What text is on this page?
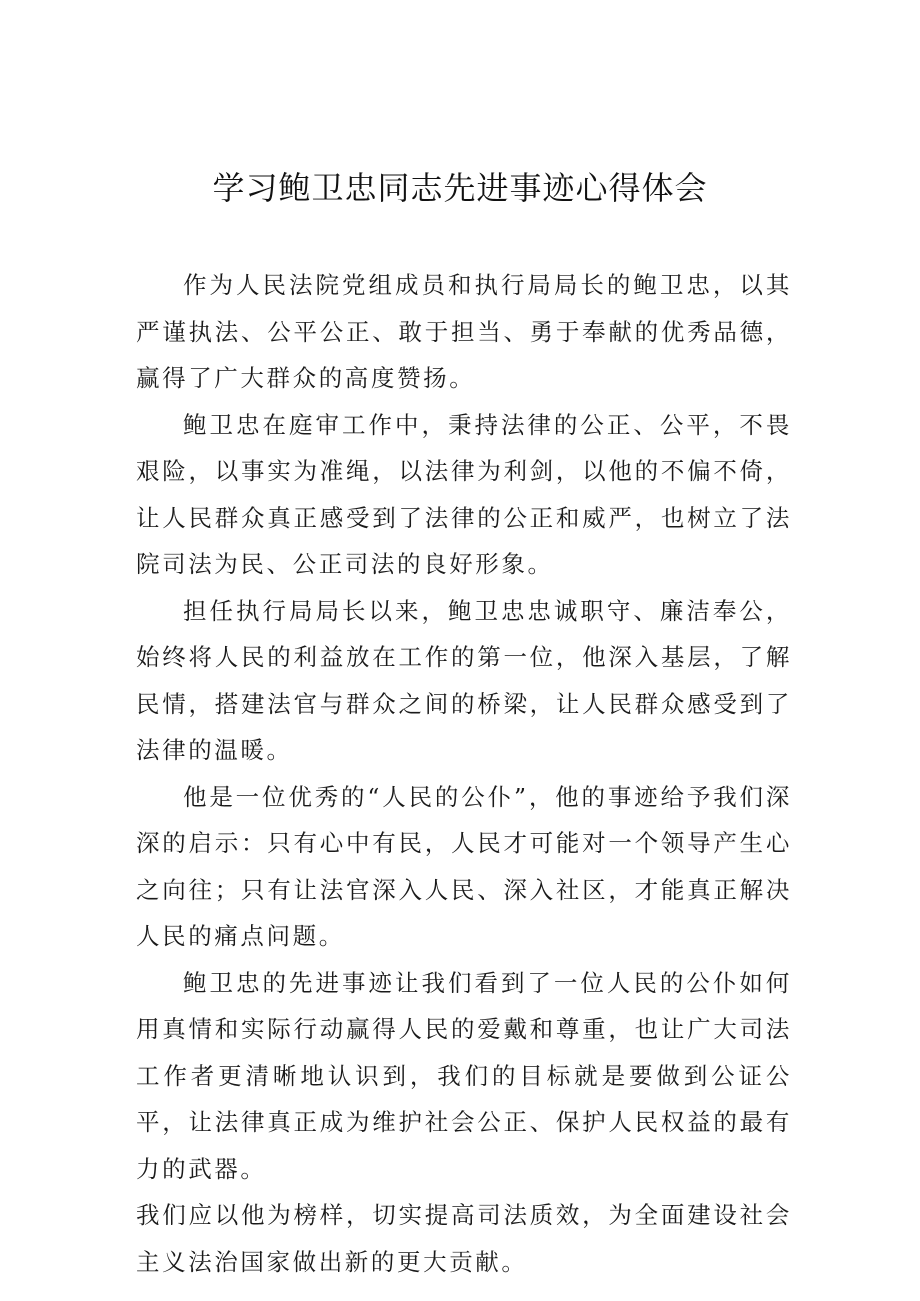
学习鲍卫忠同志先进事迹心得体会

作为人民法院党组成员和执行局局长的鲍卫忠，以其严谨执法、公平公正、敢于担当、勇于奉献的优秀品德，赢得了广大群众的高度赞扬。

鲍卫忠在庭审工作中，秉持法律的公正、公平，不畏艰险，以事实为准绳，以法律为利剑，以他的不偏不倚，让人民群众真正感受到了法律的公正和威严，也树立了法院司法为民、公正司法的良好形象。

担任执行局局长以来，鲍卫忠忠诚职守、廉洁奉公，始终将人民的利益放在工作的第一位，他深入基层，了解民情，搭建法官与群众之间的桥梁，让人民群众感受到了法律的温暖。

他是一位优秀的“人民的公仆”，他的事迹给予我们深深的启示：只有心中有民，人民才可能对一个领导产生心之向往；只有让法官深入人民、深入社区，才能真正解决人民的痛点问题。

鲍卫忠的先进事迹让我们看到了一位人民的公仆如何用真情和实际行动赢得人民的爱戴和尊重，也让广大司法工作者更清晰地认识到，我们的目标就是要做到公证公平，让法律真正成为维护社会公正、保护人民权益的最有力的武器。

我们应以他为榜样，切实提高司法质效，为全面建设社会主义法治国家做出新的更大贡献。
